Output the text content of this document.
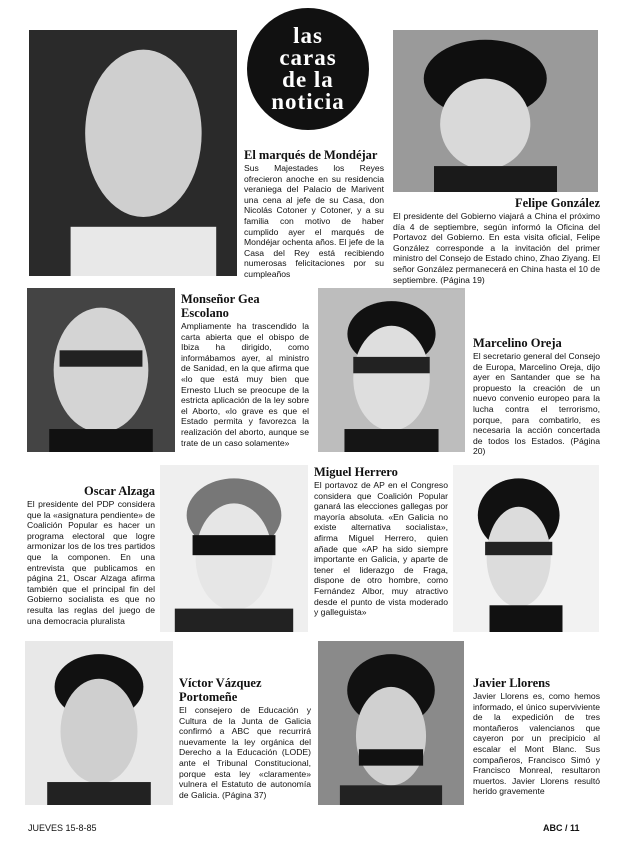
las
caras
de la
noticia
El marqués de Mondéjar

Sus Majestades los Reyes ofrecieron anoche en su residencia veraniega del Palacio de Marivent una cena al jefe de su Casa, don Nicolás Cotoner y Cotoner, y a su familia con motivo de haber cumplido ayer el marqués de Mondéjar ochenta años. El jefe de la Casa del Rey está recibiendo numerosas felicitaciones por su cumpleaños

Felipe González

El presidente del Gobierno viajará a China el próximo día 4 de septiembre, según informó la Oficina del Portavoz del Gobierno. En esta visita oficial, Felipe González corresponde a la invitación del primer ministro del Consejo de Estado chino, Zhao Ziyang. El señor González permanecerá en China hasta el 10 de septiembre. (Página 19)

Monseñor Gea Escolano

Ampliamente ha trascendido la carta abierta que el obispo de Ibiza ha dirigido, como informábamos ayer, al ministro de Sanidad, en la que afirma que «lo que está muy bien que Ernesto Lluch se preocupe de la estricta aplicación de la ley sobre el Aborto, «lo grave es que el Estado permita y favorezca la realización del aborto, aunque se trate de un caso solamente»

Marcelino Oreja

El secretario general del Consejo de Europa, Marcelino Oreja, dijo ayer en Santander que se ha propuesto la creación de un nuevo convenio europeo para la lucha contra el terrorismo, porque, para combatirlo, es necesaria la acción concertada de todos los Estados. (Página 20)

Oscar Alzaga

El presidente del PDP considera que la «asignatura pendiente» de Coalición Popular es hacer un programa electoral que logre armonizar los de los tres partidos que la componen. En una entrevista que publicamos en página 21, Oscar Alzaga afirma también que el principal fin del Gobierno socialista es que no resulta las reglas del juego de una democracia pluralista

Miguel Herrero

El portavoz de AP en el Congreso considera que Coalición Popular ganará las elecciones gallegas por mayoría absoluta. «En Galicia no existe alternativa socialista», afirma Miguel Herrero, quien añade que «AP ha sido siempre importante en Galicia, y aparte de tener el liderazgo de Fraga, dispone de otro hombre, como Fernández Albor, muy atractivo desde el punto de vista moderado y galleguista»

Víctor Vázquez Portomeñe

El consejero de Educación y Cultura de la Junta de Galicia confirmó a ABC que recurrirá nuevamente la ley orgánica del Derecho a la Educación (LODE) ante el Tribunal Constitucional, porque esta ley «claramente» vulnera el Estatuto de autonomía de Galicia. (Página 37)

Javier Llorens

Javier Llorens es, como hemos informado, el único superviviente de la expedición de tres montañeros valencianos que cayeron por un precipicio al escalar el Mont Blanc. Sus compañeros, Francisco Simó y Francisco Monreal, resultaron muertos. Javier Llorens resultó herido gravemente

JUEVES 15-8-85	ABC / 11
